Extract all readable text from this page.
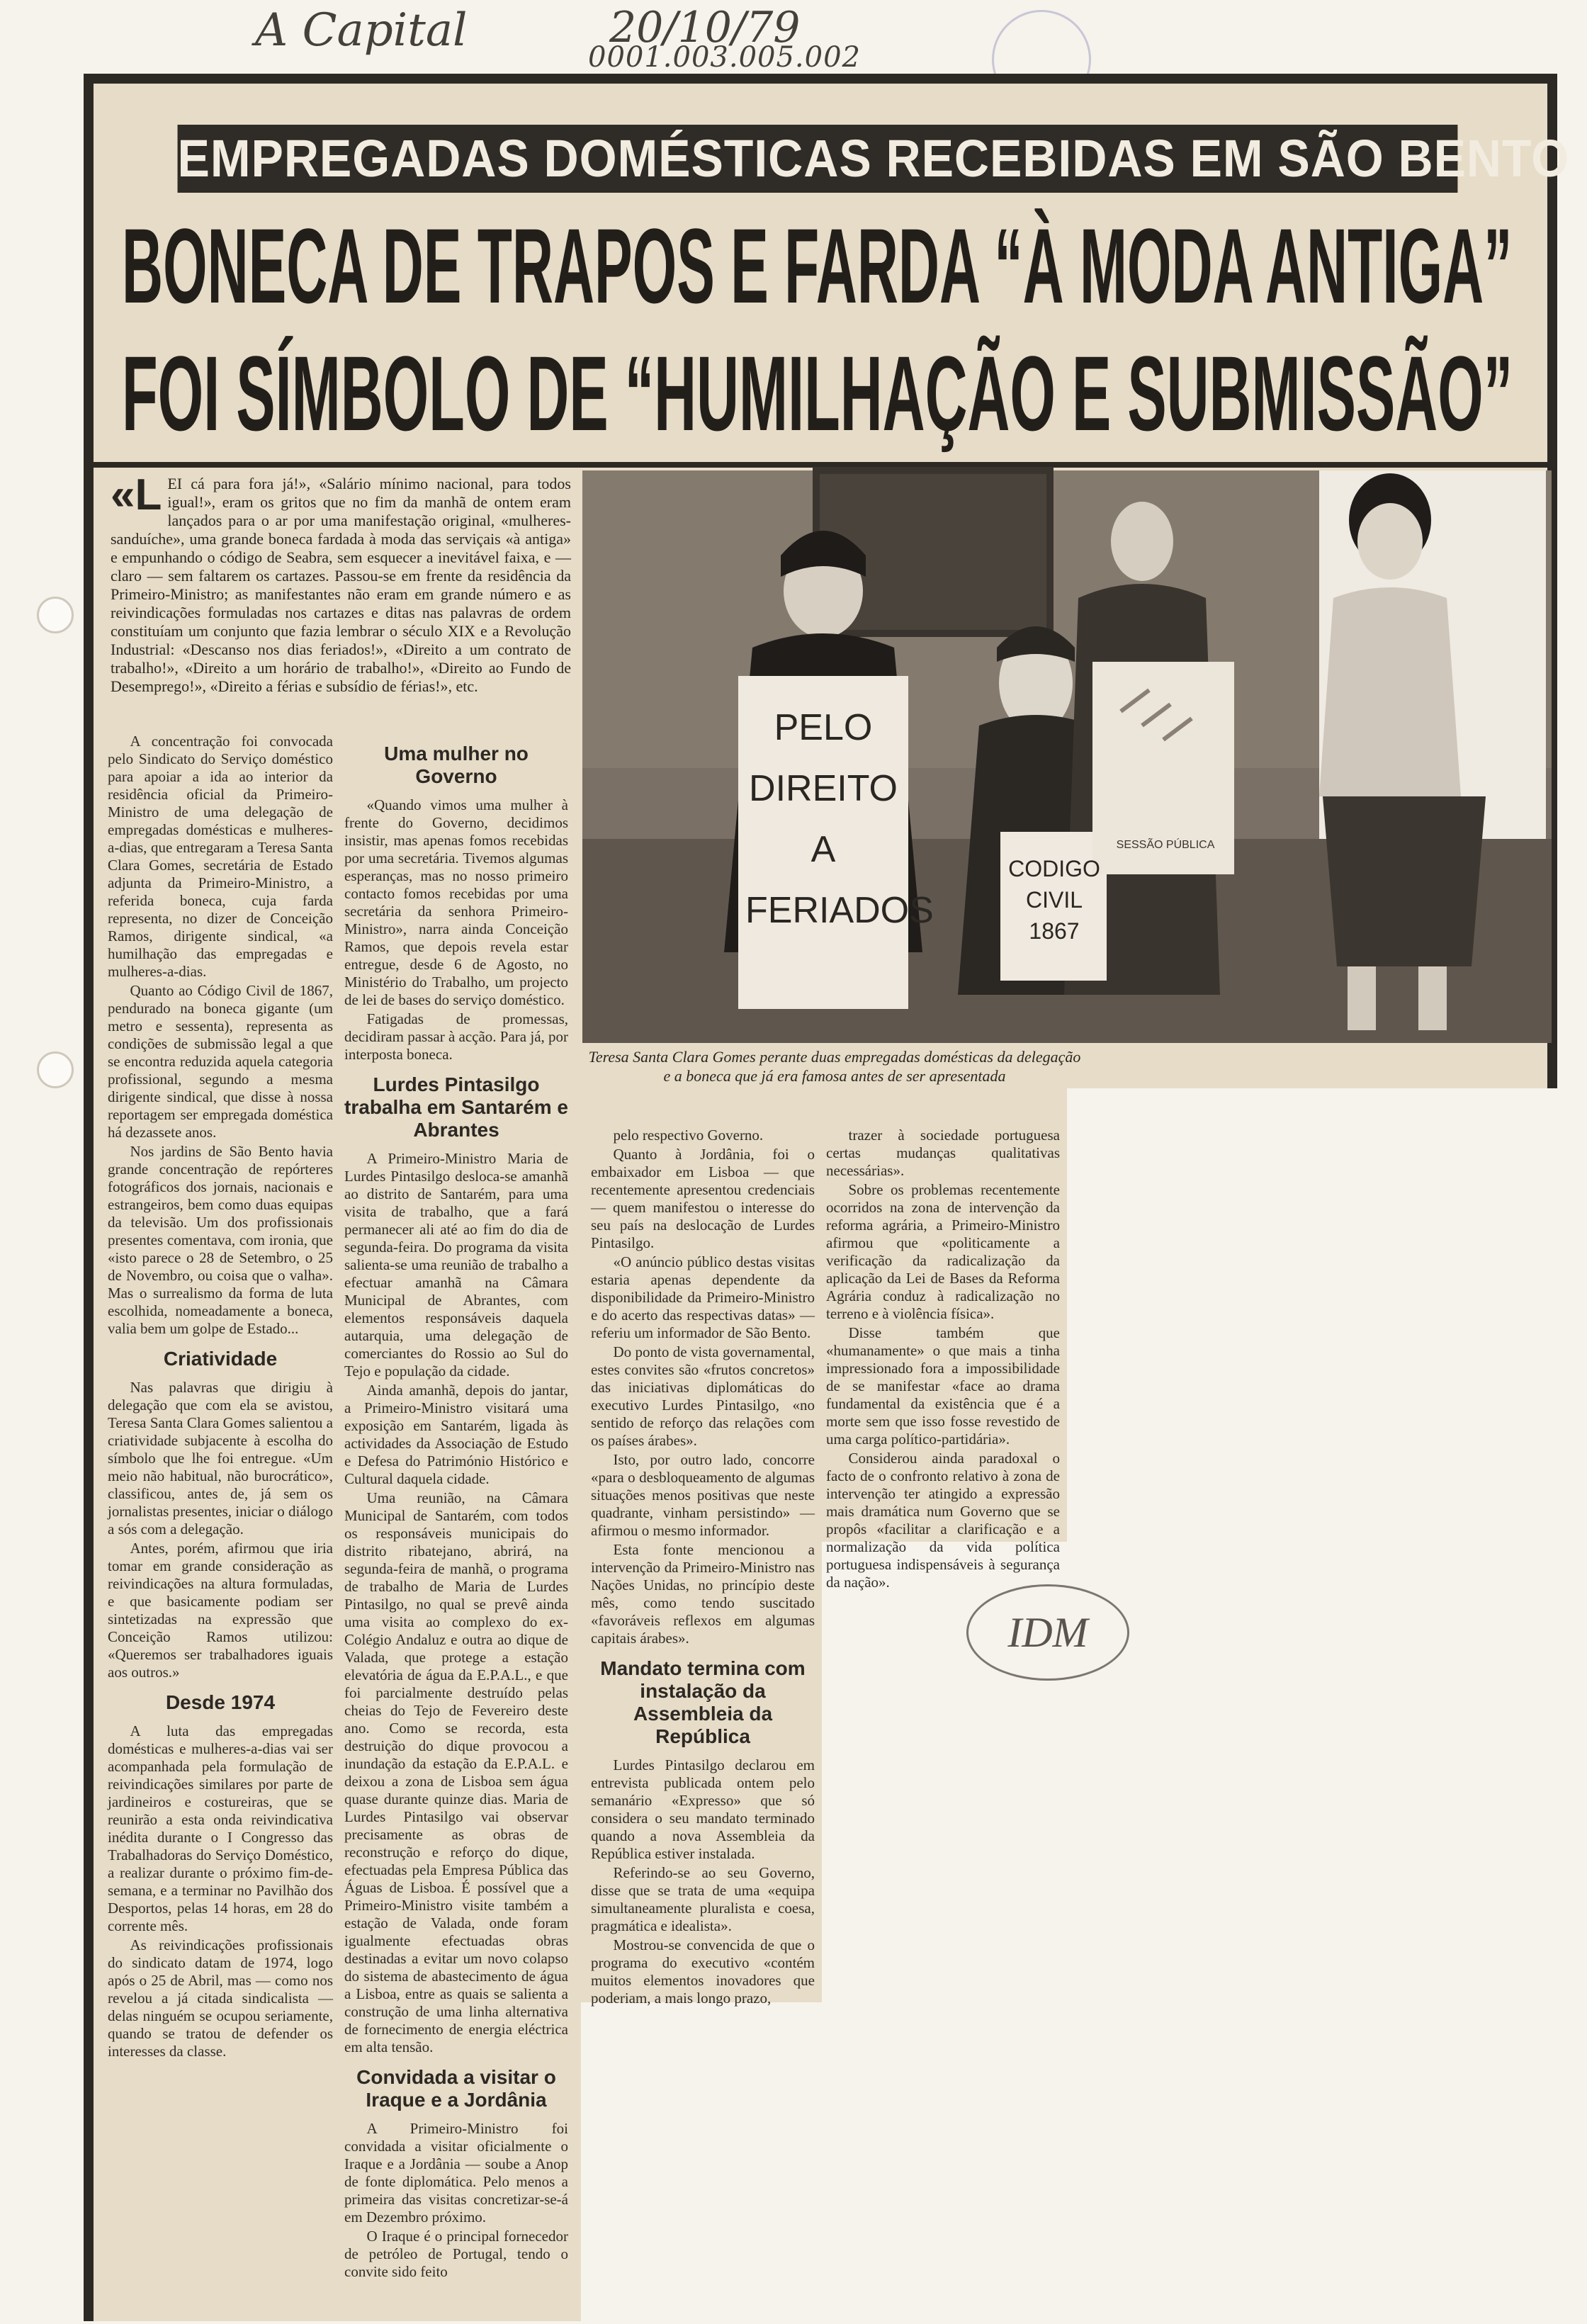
A Capital	20/10/79
0001.003.005.002
IDM
EMPREGADAS DOMÉSTICAS RECEBIDAS EM SÃO BENTO
BONECA DE TRAPOS E FARDA “À MODA ANTIGA”
FOI SÍMBOLO DE “HUMILHAÇÃO E SUBMISSÃO”
«L EI cá para fora já!», «Salário mínimo nacional, para todos igual!», eram os gritos que no fim da manhã de ontem eram lançados para o ar por uma manifestação original, «mulheres-sanduíche», uma grande boneca fardada à moda das serviçais «à antiga» e empunhando o código de Seabra, sem esquecer a inevitável faixa, e — claro — sem faltarem os cartazes. Passou-se em frente da residência da Primeiro-Ministro; as manifestantes não eram em grande número e as reivindicações formuladas nos cartazes e ditas nas palavras de ordem constituíam um conjunto que fazia lembrar o século XIX e a Revolução Industrial: «Descanso nos dias feriados!», «Direito a um contrato de trabalho!», «Direito a um horário de trabalho!», «Direito ao Fundo de Desemprego!», «Direito a férias e subsídio de férias!», etc.
PELO DIREITO A FERIADOS
CODIGO CIVIL 1867
SESSÃO PÚBLICA
Teresa Santa Clara Gomes perante duas empregadas domésticas da delegação e a boneca que já era famosa antes de ser apresentada

A concentração foi convocada pelo Sindicato do Serviço doméstico para apoiar a ida ao interior da residência oficial da Primeiro-Ministro de uma delegação de empregadas domésticas e mulheres-a-dias, que entregaram a Teresa Santa Clara Gomes, secretária de Estado adjunta da Primeiro-Ministro, a referida boneca, cuja farda representa, no dizer de Conceição Ramos, dirigente sindical, «a humilhação das empregadas e mulheres-a-dias.

Quanto ao Código Civil de 1867, pendurado na boneca gigante (um metro e sessenta), representa as condições de submissão legal a que se encontra reduzida aquela categoria profissional, segundo a mesma dirigente sindical, que disse à nossa reportagem ser empregada doméstica há dezassete anos.

Nos jardins de São Bento havia grande concentração de repórteres fotográficos dos jornais, nacionais e estrangeiros, bem como duas equipas da televisão. Um dos profissionais presentes comentava, com ironia, que «isto parece o 28 de Setembro, o 25 de Novembro, ou coisa que o valha». Mas o surrealismo da forma de luta escolhida, nomeadamente a boneca, valia bem um golpe de Estado...

Criatividade

Nas palavras que dirigiu à delegação que com ela se avistou, Teresa Santa Clara Gomes salientou a criatividade subjacente à escolha do símbolo que lhe foi entregue. «Um meio não habitual, não burocrático», classificou, antes de, já sem os jornalistas presentes, iniciar o diálogo a sós com a delegação.

Antes, porém, afirmou que iria tomar em grande consideração as reivindicações na altura formuladas, e que basicamente podiam ser sintetizadas na expressão que Conceição Ramos utilizou: «Queremos ser trabalhadores iguais aos outros.»

Desde 1974

A luta das empregadas domésticas e mulheres-a-dias vai ser acompanhada pela formulação de reivindicações similares por parte de jardineiros e costureiras, que se reunirão a esta onda reivindicativa inédita durante o I Congresso das Trabalhadoras do Serviço Doméstico, a realizar durante o próximo fim-de-semana, e a terminar no Pavilhão dos Desportos, pelas 14 horas, em 28 do corrente mês.

As reivindicações profissionais do sindicato datam de 1974, logo após o 25 de Abril, mas — como nos revelou a já citada sindicalista — delas ninguém se ocupou seriamente, quando se tratou de defender os interesses da classe.

Uma mulher no Governo

«Quando vimos uma mulher à frente do Governo, decidimos insistir, mas apenas fomos recebidas por uma secretária. Tivemos algumas esperanças, mas no nosso primeiro contacto fomos recebidas por uma secretária da senhora Primeiro-Ministro», narra ainda Conceição Ramos, que depois revela estar entregue, desde 6 de Agosto, no Ministério do Trabalho, um projecto de lei de bases do serviço doméstico.

Fatigadas de promessas, decidiram passar à acção. Para já, por interposta boneca.

Lurdes Pintasilgo trabalha em Santarém e Abrantes

A Primeiro-Ministro Maria de Lurdes Pintasilgo desloca-se amanhã ao distrito de Santarém, para uma visita de trabalho, que a fará permanecer ali até ao fim do dia de segunda-feira. Do programa da visita salienta-se uma reunião de trabalho a efectuar amanhã na Câmara Municipal de Abrantes, com elementos responsáveis daquela autarquia, uma delegação de comerciantes do Rossio ao Sul do Tejo e população da cidade.

Ainda amanhã, depois do jantar, a Primeiro-Ministro visitará uma exposição em Santarém, ligada às actividades da Associação de Estudo e Defesa do Património Histórico e Cultural daquela cidade.

Uma reunião, na Câmara Municipal de Santarém, com todos os responsáveis municipais do distrito ribatejano, abrirá, na segunda-feira de manhã, o programa de trabalho de Maria de Lurdes Pintasilgo, no qual se prevê ainda uma visita ao complexo do ex-Colégio Andaluz e outra ao dique de Valada, que protege a estação elevatória de água da E.P.A.L., e que foi parcialmente destruído pelas cheias do Tejo de Fevereiro deste ano. Como se recorda, esta destruição do dique provocou a inundação da estação da E.P.A.L. e deixou a zona de Lisboa sem água quase durante quinze dias. Maria de Lurdes Pintasilgo vai observar precisamente as obras de reconstrução e reforço do dique, efectuadas pela Empresa Pública das Águas de Lisboa. É possível que a Primeiro-Ministro visite também a estação de Valada, onde foram igualmente efectuadas obras destinadas a evitar um novo colapso do sistema de abastecimento de água a Lisboa, entre as quais se salienta a construção de uma linha alternativa de fornecimento de energia eléctrica em alta tensão.

Convidada a visitar o Iraque e a Jordânia

A Primeiro-Ministro foi convidada a visitar oficialmente o Iraque e a Jordânia — soube a Anop de fonte diplomática. Pelo menos a primeira das visitas concretizar-se-á em Dezembro próximo.

O Iraque é o principal fornecedor de petróleo de Portugal, tendo o convite sido feito

pelo respectivo Governo.

Quanto à Jordânia, foi o embaixador em Lisboa — que recentemente apresentou credenciais — quem manifestou o interesse do seu país na deslocação de Lurdes Pintasilgo.

«O anúncio público destas visitas estaria apenas dependente da disponibilidade da Primeiro-Ministro e do acerto das respectivas datas» — referiu um informador de São Bento.

Do ponto de vista governamental, estes convites são «frutos concretos» das iniciativas diplomáticas do executivo Lurdes Pintasilgo, «no sentido de reforço das relações com os países árabes».

Isto, por outro lado, concorre «para o desbloqueamento de algumas situações menos positivas que neste quadrante, vinham persistindo» — afirmou o mesmo informador.

Esta fonte mencionou a intervenção da Primeiro-Ministro nas Nações Unidas, no princípio deste mês, como tendo suscitado «favoráveis reflexos em algumas capitais árabes».

Mandato termina com instalação da Assembleia da República

Lurdes Pintasilgo declarou em entrevista publicada ontem pelo semanário «Expresso» que só considera o seu mandato terminado quando a nova Assembleia da República estiver instalada.

Referindo-se ao seu Governo, disse que se trata de uma «equipa simultaneamente pluralista e coesa, pragmática e idealista».

Mostrou-se convencida de que o programa do executivo «contém muitos elementos inovadores que poderiam, a mais longo prazo,

trazer à sociedade portuguesa certas mudanças qualitativas necessárias».

Sobre os problemas recentemente ocorridos na zona de intervenção da reforma agrária, a Primeiro-Ministro afirmou que «politicamente a verificação da radicalização da aplicação da Lei de Bases da Reforma Agrária conduz à radicalização no terreno e à violência física».

Disse também que «humanamente» o que mais a tinha impressionado fora a impossibilidade de se manifestar «face ao drama fundamental da existência que é a morte sem que isso fosse revestido de uma carga político-partidária».

Considerou ainda paradoxal o facto de o confronto relativo à zona de intervenção ter atingido a expressão mais dramática num Governo que se propôs «facilitar a clarificação e a normalização da vida política portuguesa indispensáveis à segurança da nação».
